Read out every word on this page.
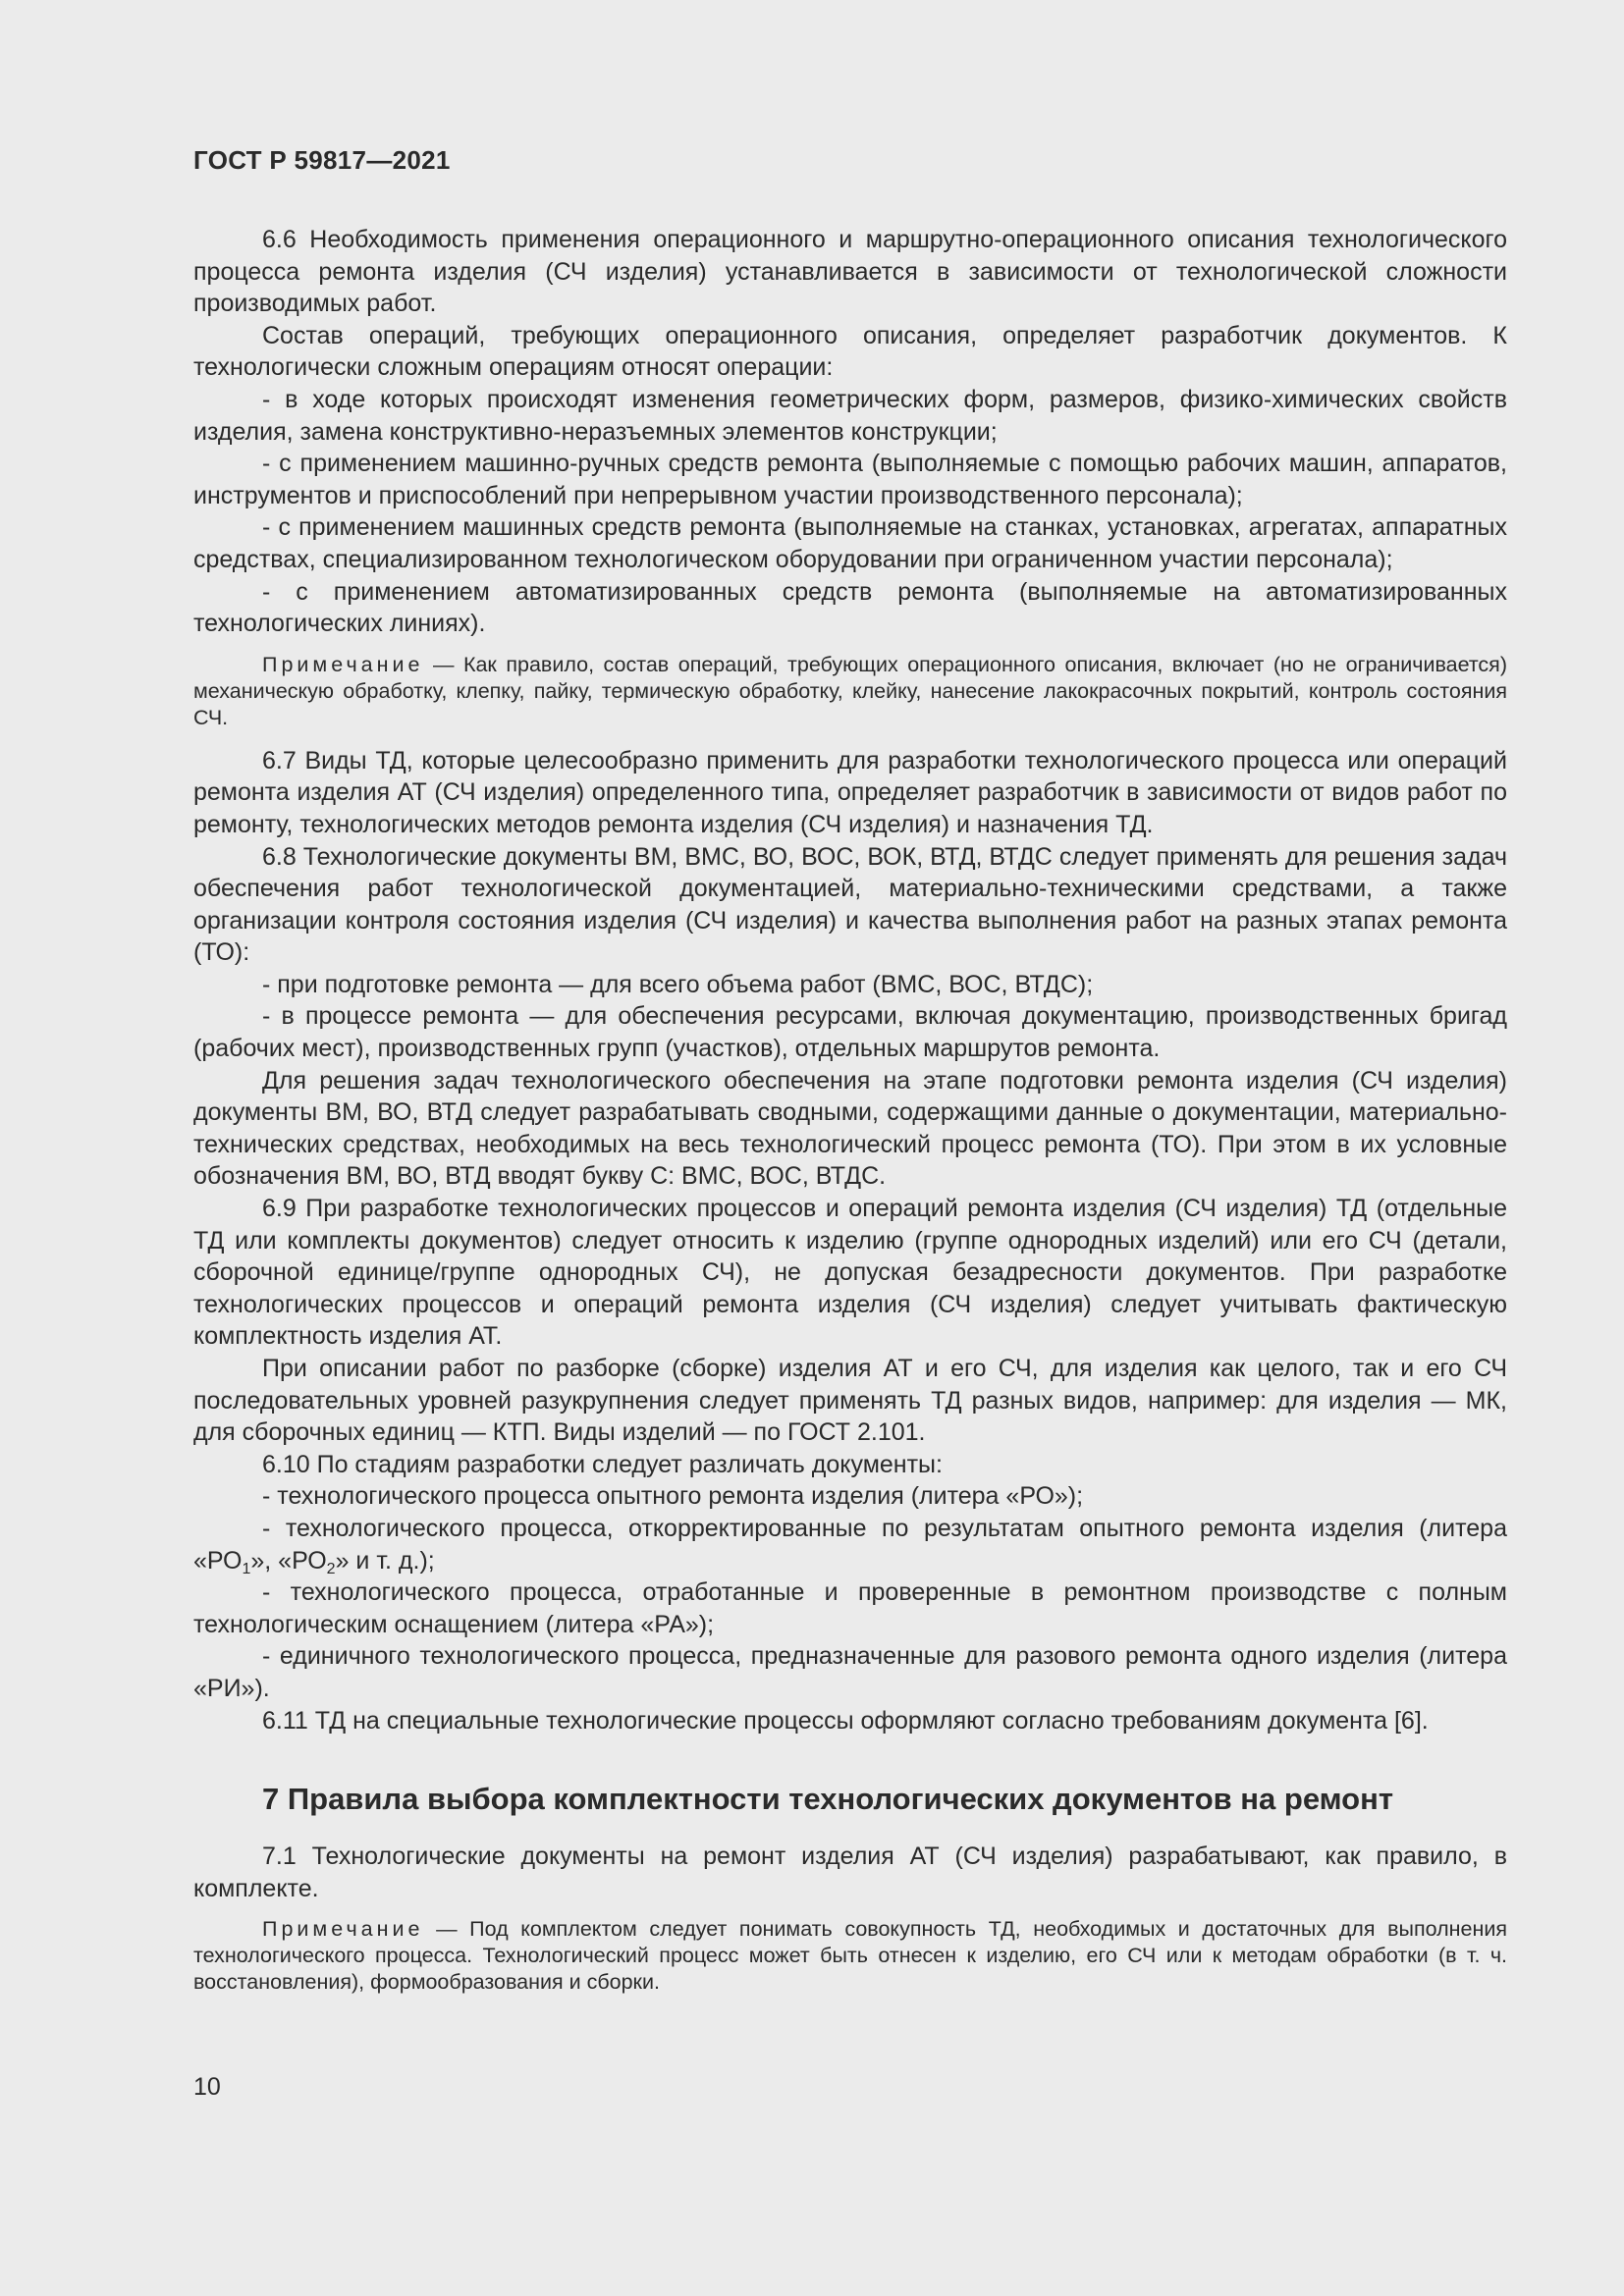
ГОСТ Р 59817—2021

6.6 Необходимость применения операционного и маршрутно-операционного описания технологического процесса ремонта изделия (СЧ изделия) устанавливается в зависимости от технологической сложности производимых работ.

Состав операций, требующих операционного описания, определяет разработчик документов. К технологически сложным операциям относят операции:

- в ходе которых происходят изменения геометрических форм, размеров, физико-химических свойств изделия, замена конструктивно-неразъемных элементов конструкции;

- с применением машинно-ручных средств ремонта (выполняемые с помощью рабочих машин, аппаратов, инструментов и приспособлений при непрерывном участии производственного персонала);

- с применением машинных средств ремонта (выполняемые на станках, установках, агрегатах, аппаратных средствах, специализированном технологическом оборудовании при ограниченном участии персонала);

- с применением автоматизированных средств ремонта (выполняемые на автоматизированных технологических линиях).

Примечание — Как правило, состав операций, требующих операционного описания, включает (но не ограничивается) механическую обработку, клепку, пайку, термическую обработку, клейку, нанесение лакокрасочных покрытий, контроль состояния СЧ.

6.7 Виды ТД, которые целесообразно применить для разработки технологического процесса или операций ремонта изделия АТ (СЧ изделия) определенного типа, определяет разработчик в зависимости от видов работ по ремонту, технологических методов ремонта изделия (СЧ изделия) и назначения ТД.

6.8 Технологические документы ВМ, ВМС, ВО, ВОС, ВОК, ВТД, ВТДС следует применять для решения задач обеспечения работ технологической документацией, материально-техническими средствами, а также организации контроля состояния изделия (СЧ изделия) и качества выполнения работ на разных этапах ремонта (ТО):

- при подготовке ремонта — для всего объема работ (ВМС, ВОС, ВТДС);

- в процессе ремонта — для обеспечения ресурсами, включая документацию, производственных бригад (рабочих мест), производственных групп (участков), отдельных маршрутов ремонта.

Для решения задач технологического обеспечения на этапе подготовки ремонта изделия (СЧ изделия) документы ВМ, ВО, ВТД следует разрабатывать сводными, содержащими данные о документации, материально-технических средствах, необходимых на весь технологический процесс ремонта (ТО). При этом в их условные обозначения ВМ, ВО, ВТД вводят букву С: ВМС, ВОС, ВТДС.

6.9 При разработке технологических процессов и операций ремонта изделия (СЧ изделия) ТД (отдельные ТД или комплекты документов) следует относить к изделию (группе однородных изделий) или его СЧ (детали, сборочной единице/группе однородных СЧ), не допуская безадресности документов. При разработке технологических процессов и операций ремонта изделия (СЧ изделия) следует учитывать фактическую комплектность изделия АТ.

При описании работ по разборке (сборке) изделия АТ и его СЧ, для изделия как целого, так и его СЧ последовательных уровней разукрупнения следует применять ТД разных видов, например: для изделия — МК, для сборочных единиц — КТП. Виды изделий — по ГОСТ 2.101.

6.10 По стадиям разработки следует различать документы:

- технологического процесса опытного ремонта изделия (литера «РО»);

- технологического процесса, откорректированные по результатам опытного ремонта изделия (литера «$РО_1$», «$РО_2$» и т. д.);

- технологического процесса, отработанные и проверенные в ремонтном производстве с полным технологическим оснащением (литера «РА»);

- единичного технологического процесса, предназначенные для разового ремонта одного изделия (литера «РИ»).

6.11 ТД на специальные технологические процессы оформляют согласно требованиям документа [6].

7 Правила выбора комплектности технологических документов на ремонт

7.1 Технологические документы на ремонт изделия АТ (СЧ изделия) разрабатывают, как правило, в комплекте.

Примечание — Под комплектом следует понимать совокупность ТД, необходимых и достаточных для выполнения технологического процесса. Технологический процесс может быть отнесен к изделию, его СЧ или к методам обработки (в т. ч. восстановления), формообразования и сборки.

10
